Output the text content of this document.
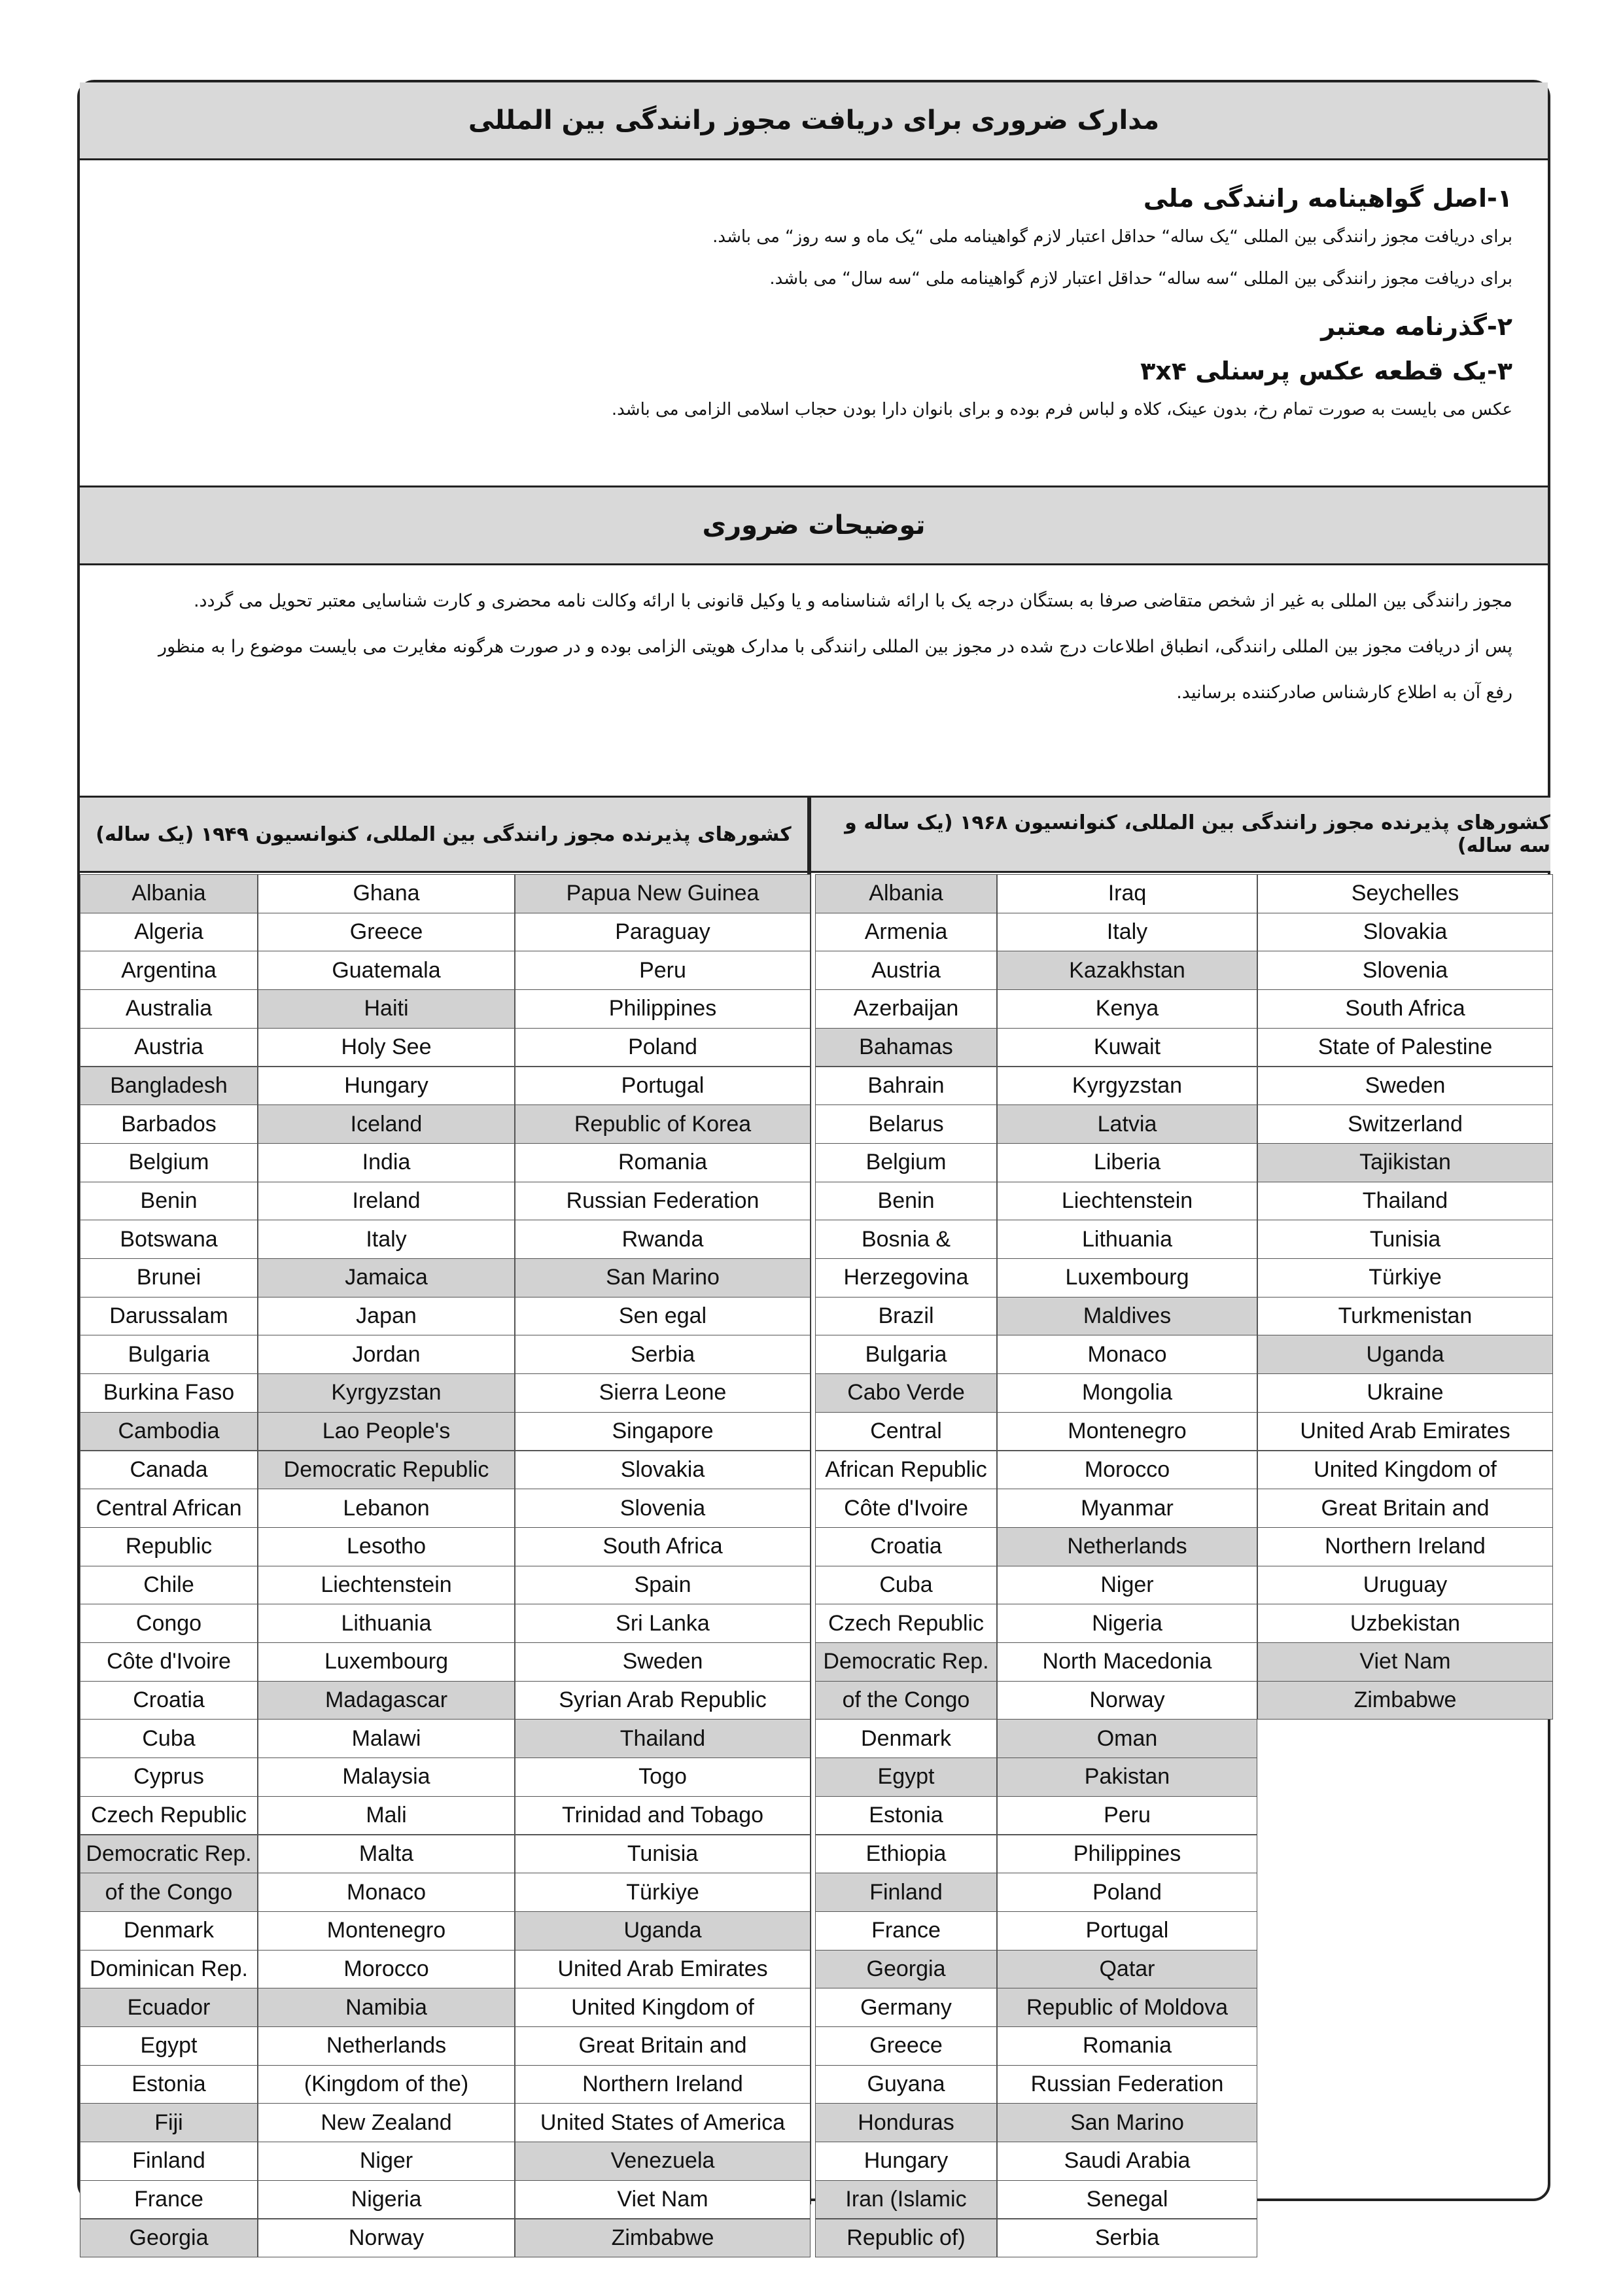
مدارک ضروری برای دریافت مجوز رانندگی بین المللی
۱-اصل گواهینامه رانندگی ملی

برای دریافت مجوز رانندگی بین المللی “یک ساله“ حداقل اعتبار لازم گواهینامه ملی “یک ماه و سه روز“ می باشد.

برای دریافت مجوز رانندگی بین المللی “سه ساله“ حداقل اعتبار لازم گواهینامه ملی “سه سال“ می باشد.

۲-گذرنامه معتبر
۳-یک قطعه عکس پرسنلی ۳x۴

عکس می بایست به صورت تمام رخ، بدون عینک، کلاه و لباس فرم بوده و برای بانوان دارا بودن حجاب اسلامی الزامی می باشد.

توضیحات ضروری

مجوز رانندگی بین المللی به غیر از شخص متقاضی صرفا به بستگان درجه یک با ارائه شناسنامه و یا وکیل قانونی با ارائه وکالت نامه محضری و کارت شناسایی معتبر تحویل می گردد.

پس از دریافت مجوز بین المللی رانندگی، انطباق اطلاعات درج شده در مجوز بین المللی رانندگی با مدارک هویتی الزامی بوده و در صورت هرگونه مغایرت می بایست موضوع را به منظور

رفع آن به اطلاع کارشناس صادرکننده برسانید.

کشورهای پذیرنده مجوز رانندگی بین المللی، کنوانسیون ۱۹۴۹ (یک ساله)	کشورهای پذیرنده مجوز رانندگی بین المللی، کنوانسیون ۱۹۶۸ (یک ساله و سه ساله)
Albania
Algeria
Argentina
Australia
Austria
Bangladesh
Barbados
Belgium
Benin
Botswana
Brunei
Darussalam
Bulgaria
Burkina Faso
Cambodia
Canada
Central African
Republic
Chile
Congo
Côte d'Ivoire
Croatia
Cuba
Cyprus
Czech Republic
Democratic Rep.
of the Congo
Denmark
Dominican Rep.
Ecuador
Egypt
Estonia
Fiji
Finland
France
Georgia
Ghana
Greece
Guatemala
Haiti
Holy See
Hungary
Iceland
India
Ireland
Italy
Jamaica
Japan
Jordan
Kyrgyzstan
Lao People's
Democratic Republic
Lebanon
Lesotho
Liechtenstein
Lithuania
Luxembourg
Madagascar
Malawi
Malaysia
Mali
Malta
Monaco
Montenegro
Morocco
Namibia
Netherlands
(Kingdom of the)
New Zealand
Niger
Nigeria
Norway
Papua New Guinea
Paraguay
Peru
Philippines
Poland
Portugal
Republic of Korea
Romania
Russian Federation
Rwanda
San Marino
Sen egal
Serbia
Sierra Leone
Singapore
Slovakia
Slovenia
South Africa
Spain
Sri Lanka
Sweden
Syrian Arab Republic
Thailand
Togo
Trinidad and Tobago
Tunisia
Türkiye
Uganda
United Arab Emirates
United Kingdom of
Great Britain and
Northern Ireland
United States of America
Venezuela
Viet Nam
Zimbabwe
Albania
Armenia
Austria
Azerbaijan
Bahamas
Bahrain
Belarus
Belgium
Benin
Bosnia &
Herzegovina
Brazil
Bulgaria
Cabo Verde
Central
African Republic
Côte d'Ivoire
Croatia
Cuba
Czech Republic
Democratic Rep.
of the Congo
Denmark
Egypt
Estonia
Ethiopia
Finland
France
Georgia
Germany
Greece
Guyana
Honduras
Hungary
Iran (Islamic
Republic of)
Iraq
Italy
Kazakhstan
Kenya
Kuwait
Kyrgyzstan
Latvia
Liberia
Liechtenstein
Lithuania
Luxembourg
Maldives
Monaco
Mongolia
Montenegro
Morocco
Myanmar
Netherlands
Niger
Nigeria
North Macedonia
Norway
Oman
Pakistan
Peru
Philippines
Poland
Portugal
Qatar
Republic of Moldova
Romania
Russian Federation
San Marino
Saudi Arabia
Senegal
Serbia
Seychelles
Slovakia
Slovenia
South Africa
State of Palestine
Sweden
Switzerland
Tajikistan
Thailand
Tunisia
Türkiye
Turkmenistan
Uganda
Ukraine
United Arab Emirates
United Kingdom of
Great Britain and
Northern Ireland
Uruguay
Uzbekistan
Viet Nam
Zimbabwe
